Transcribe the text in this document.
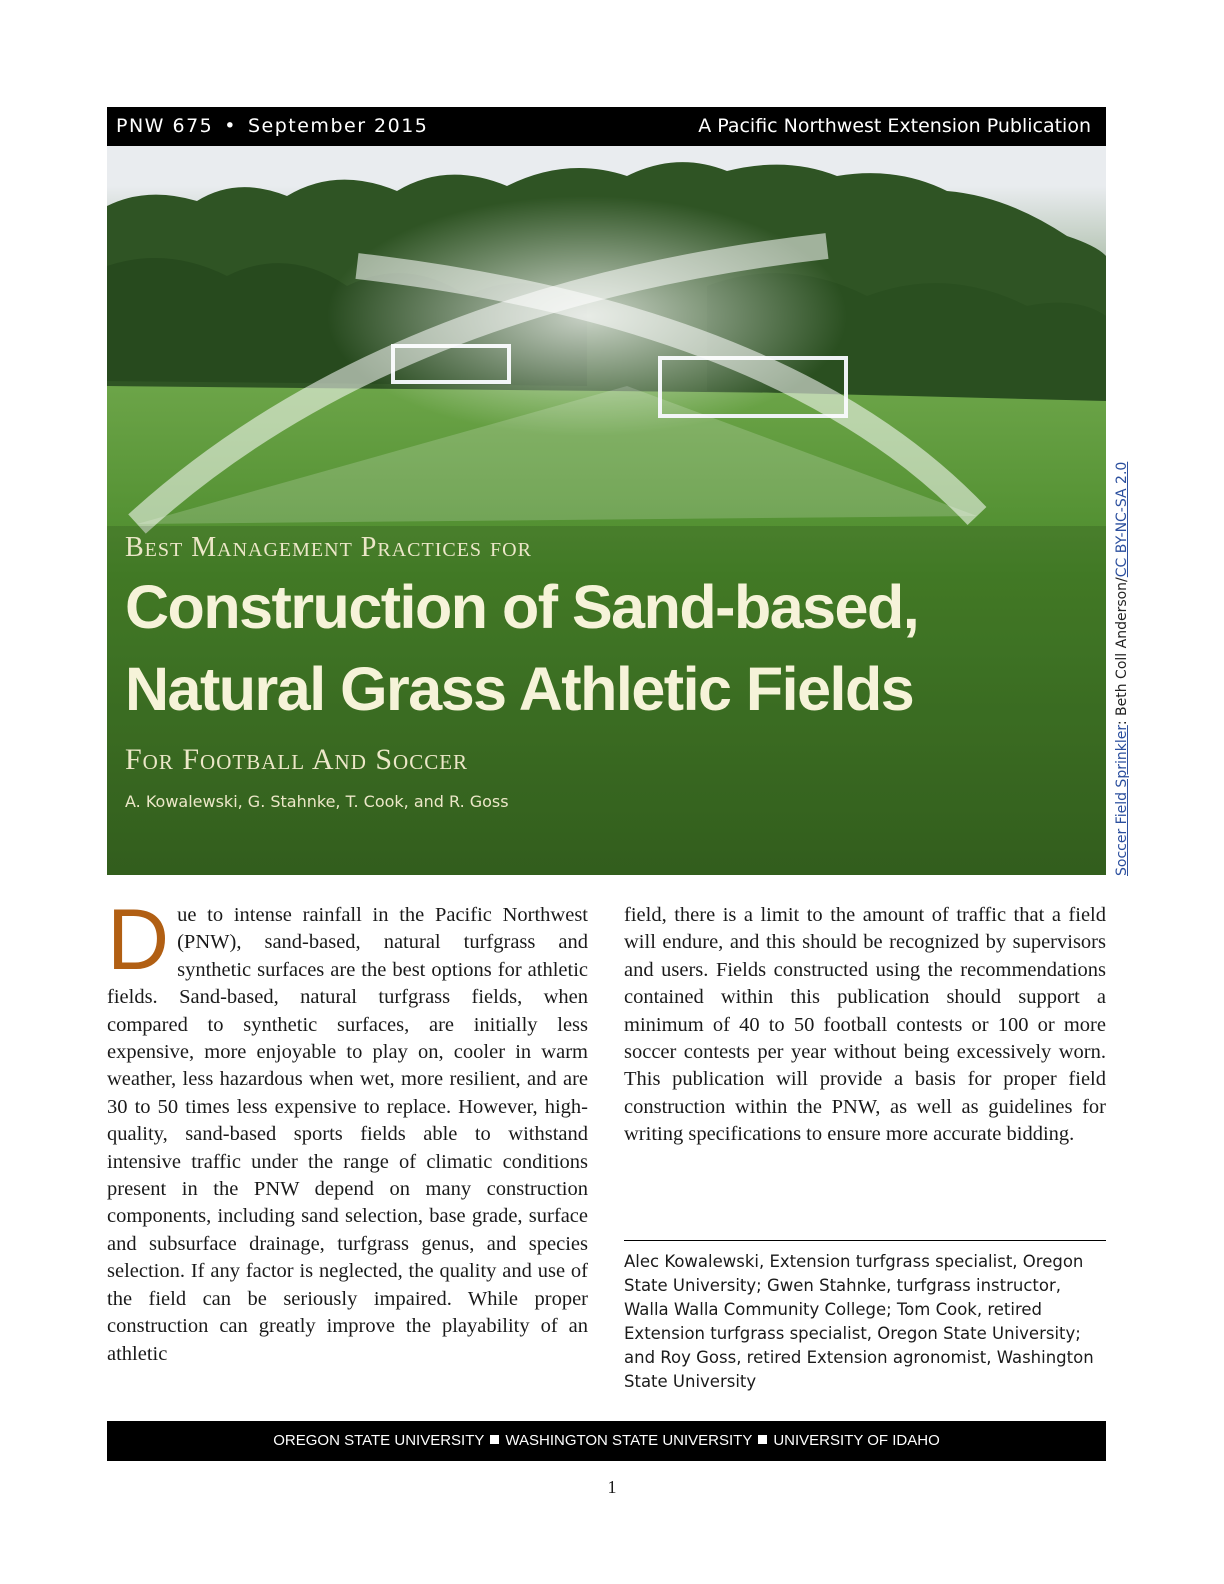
PNW 675 • September 2015	A Pacific Northwest Extension Publication
Best Management Practices for
Construction of Sand-based,
Natural Grass Athletic Fields
For Football And Soccer
A. Kowalewski, G. Stahnke, T. Cook, and R. Goss	Soccer Field Sprinkler: Beth Coll Anderson/CC BY-NC-SA 2.0
D ue to intense rainfall in the Pacific Northwest (PNW), sand-based, natural turfgrass and synthetic surfaces are the best options for athletic fields. Sand-based, natural turfgrass fields, when compared to synthetic surfaces, are initially less expensive, more enjoyable to play on, cooler in warm weather, less hazardous when wet, more resilient, and are 30 to 50 times less expensive to replace. However, high-quality, sand-based sports fields able to withstand intensive traffic under the range of climatic conditions present in the PNW depend on many construction components, including sand selection, base grade, surface and subsurface drainage, turfgrass genus, and species selection. If any factor is neglected, the quality and use of the field can be seriously impaired. While proper construction can greatly improve the playability of an athletic
field, there is a limit to the amount of traffic that a field will endure, and this should be recognized by supervisors and users. Fields constructed using the recommendations contained within this publication should support a minimum of 40 to 50 football contests or 100 or more soccer contests per year without being excessively worn. This publication will provide a basis for proper field construction within the PNW, as well as guidelines for writing specifications to ensure more accurate bidding.
Alec Kowalewski, Extension turfgrass specialist, Oregon State University; Gwen Stahnke, turfgrass instructor, Walla Walla Community College; Tom Cook, retired Extension turfgrass specialist, Oregon State University; and Roy Goss, retired Extension agronomist, Washington State University
OREGON STATE UNIVERSITY WASHINGTON STATE UNIVERSITY UNIVERSITY OF IDAHO
1
